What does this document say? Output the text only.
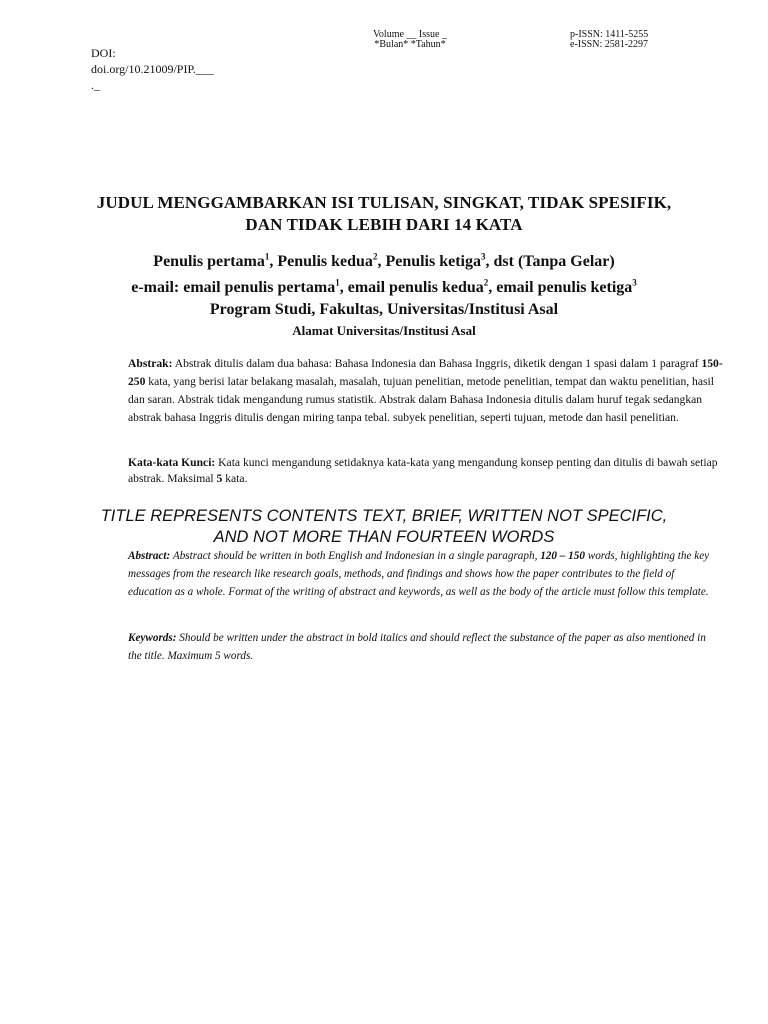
Volume __ Issue _
*Bulan* *Tahun*
p-ISSN: 1411-5255
e-ISSN: 2581-2297
DOI:
doi.org/10.21009/PIP.___
._
JUDUL MENGGAMBARKAN ISI TULISAN, SINGKAT, TIDAK SPESIFIK,
DAN TIDAK LEBIH DARI 14 KATA
Penulis pertama$^1$, Penulis kedua$^2$, Penulis ketiga$^3$, dst (Tanpa Gelar)
e-mail: email penulis pertama$^1$, email penulis kedua$^2$, email penulis ketiga$^3$
Program Studi, Fakultas, Universitas/Institusi Asal
Alamat Universitas/Institusi Asal
Abstrak: Abstrak ditulis dalam dua bahasa: Bahasa Indonesia dan Bahasa Inggris, diketik dengan 1 spasi dalam 1 paragraf 150-250 kata, yang berisi latar belakang masalah, masalah, tujuan penelitian, metode penelitian, tempat dan waktu penelitian, hasil dan saran. Abstrak tidak mengandung rumus statistik. Abstrak dalam Bahasa Indonesia ditulis dalam huruf tegak sedangkan abstrak bahasa Inggris ditulis dengan miring tanpa tebal. subyek penelitian, seperti tujuan, metode dan hasil penelitian.
Kata-kata Kunci: Kata kunci mengandung setidaknya kata-kata yang mengandung konsep penting dan ditulis di bawah setiap abstrak. Maksimal 5 kata.
TITLE REPRESENTS CONTENTS TEXT, BRIEF, WRITTEN NOT SPECIFIC,
AND NOT MORE THAN FOURTEEN WORDS
Abstract: Abstract should be written in both English and Indonesian in a single paragraph, 120 – 150 words, highlighting the key messages from the research like research goals, methods, and findings and shows how the paper contributes to the field of education as a whole. Format of the writing of abstract and keywords, as well as the body of the article must follow this template.
Keywords: Should be written under the abstract in bold italics and should reflect the substance of the paper as also mentioned in the title. Maximum 5 words.
